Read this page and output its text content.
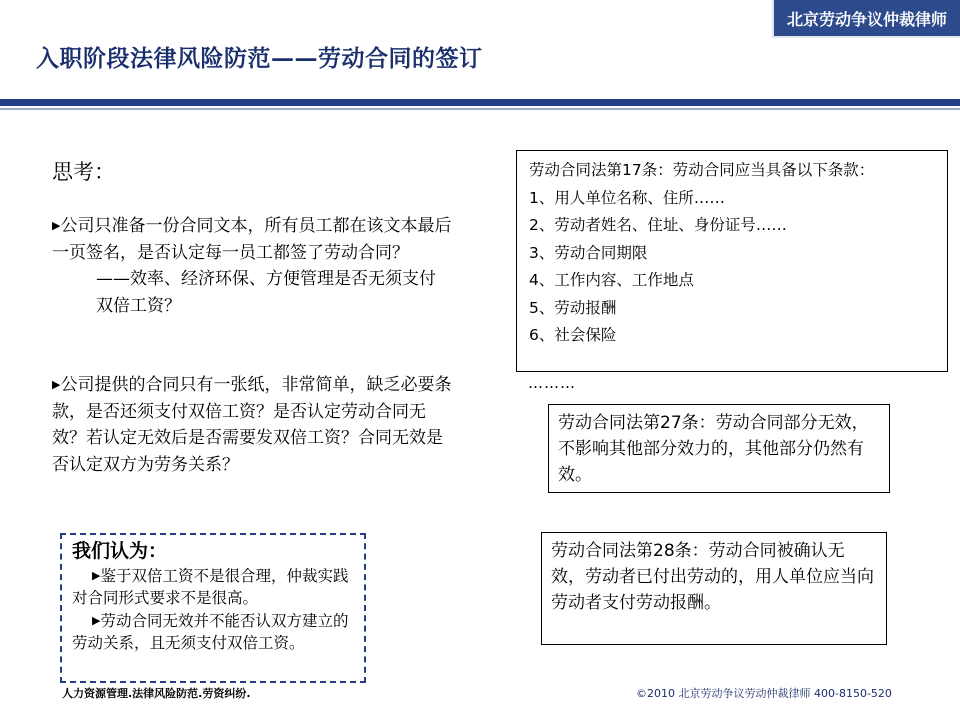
北京劳动争议仲裁律师
入职阶段法律风险防范——劳动合同的签订
思考：

▶公司只准备一份合同文本，所有员工都在该文本最后一页签名，是否认定每一员工都签了劳动合同？

——效率、经济环保、方便管理是否无须支付双倍工资？

▶公司提供的合同只有一张纸，非常简单，缺乏必要条款，是否还须支付双倍工资？是否认定劳动合同无效？若认定无效后是否需要发双倍工资？合同无效是否认定双方为劳务关系？

劳动合同法第17条：劳动合同应当具备以下条款：

1、用人单位名称、住所……

2、劳动者姓名、住址、身份证号……

3、劳动合同期限

4、工作内容、工作地点

5、劳动报酬

6、社会保险

………
劳动合同法第27条：劳动合同部分无效，不影响其他部分效力的，其他部分仍然有效。
劳动合同法第28条：劳动合同被确认无效，劳动者已付出劳动的，用人单位应当向劳动者支付劳动报酬。
我们认为：

▶鉴于双倍工资不是很合理，仲裁实践对合同形式要求不是很高。

▶劳动合同无效并不能否认双方建立的劳动关系，且无须支付双倍工资。

人力资源管理.法律风险防范.劳资纠纷.	©2010 北京劳动争议劳动仲裁律师 400-8150-520
